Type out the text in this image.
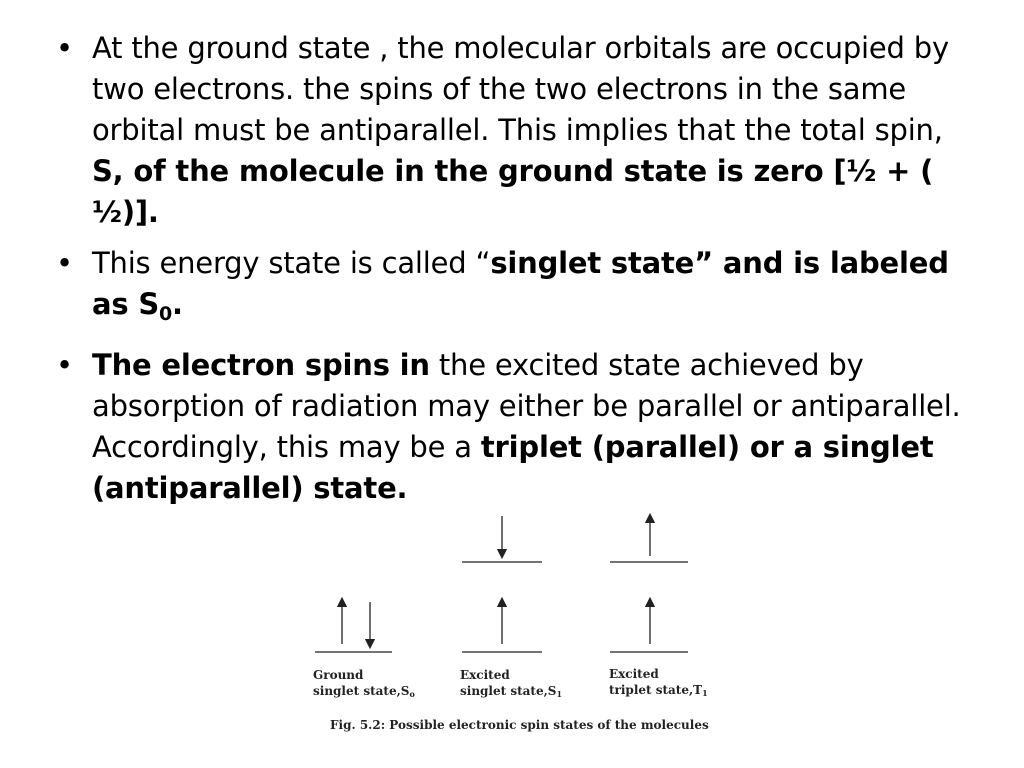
• At the ground state , the molecular orbitals are occupied by two electrons. the spins of the two electrons in the same orbital must be antiparallel. This implies that the total spin, S, of the molecule in the ground state is zero [½ + ( ½)].
• This energy state is called “singlet state” and is labeled as $S_0$.
• The electron spins in the excited state achieved by absorption of radiation may either be parallel or antiparallel. Accordingly, this may be a triplet (parallel) or a singlet (antiparallel) state.
Ground
singlet state,So
Excited
singlet state,S1
Excited
triplet state,T1
Fig. 5.2: Possible electronic spin states of the molecules
